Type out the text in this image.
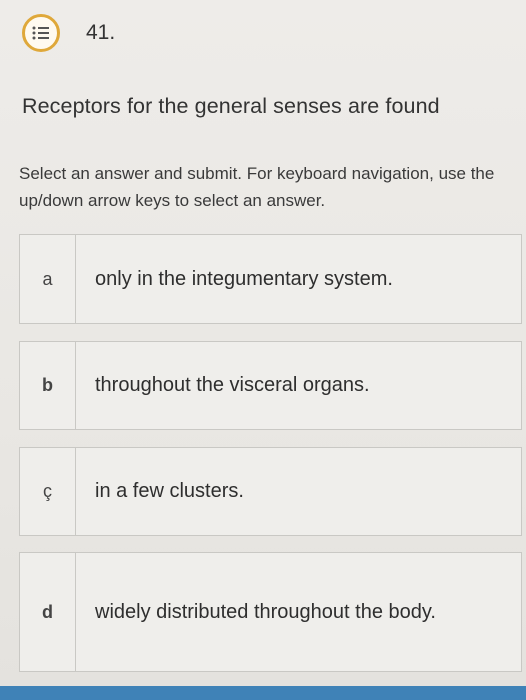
41.
Receptors for the general senses are found
Select an answer and submit. For keyboard navigation, use the up/down arrow keys to select an answer.
a	only in the integumentary system.
b	throughout the visceral organs.
ç	in a few clusters.
d	widely distributed throughout the body.
